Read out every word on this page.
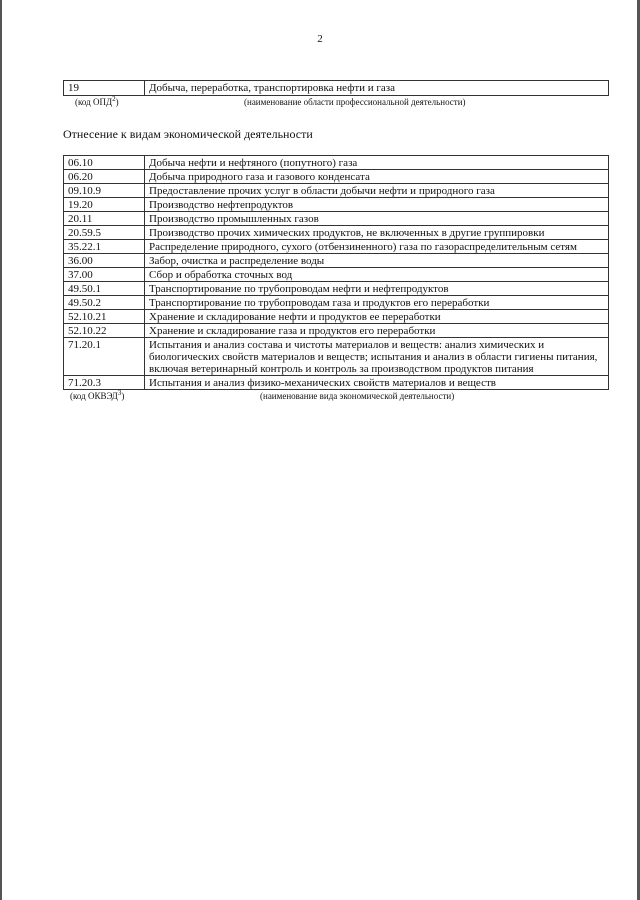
2
19	Добыча, переработка, транспортировка нефти и газа
(код ОПД$^2$)	(наименование области профессиональной деятельности)
Отнесение к видам экономической деятельности
06.10	Добыча нефти и нефтяного (попутного) газа
06.20	Добыча природного газа и газового конденсата
09.10.9	Предоставление прочих услуг в области добычи нефти и природного газа
19.20	Производство нефтепродуктов
20.11	Производство промышленных газов
20.59.5	Производство прочих химических продуктов, не включенных в другие группировки
35.22.1	Распределение природного, сухого (отбензиненного) газа по газораспределительным сетям
36.00	Забор, очистка и распределение воды
37.00	Сбор и обработка сточных вод
49.50.1	Транспортирование по трубопроводам нефти и нефтепродуктов
49.50.2	Транспортирование по трубопроводам газа и продуктов его переработки
52.10.21	Хранение и складирование нефти и продуктов ее переработки
52.10.22	Хранение и складирование газа и продуктов его переработки
71.20.1	Испытания и анализ состава и чистоты материалов и веществ: анализ химических и биологических свойств материалов и веществ; испытания и анализ в области гигиены питания, включая ветеринарный контроль и контроль за производством продуктов питания
71.20.3	Испытания и анализ физико-механических свойств материалов и веществ
(код ОКВЭД$^3$)	(наименование вида экономической деятельности)
